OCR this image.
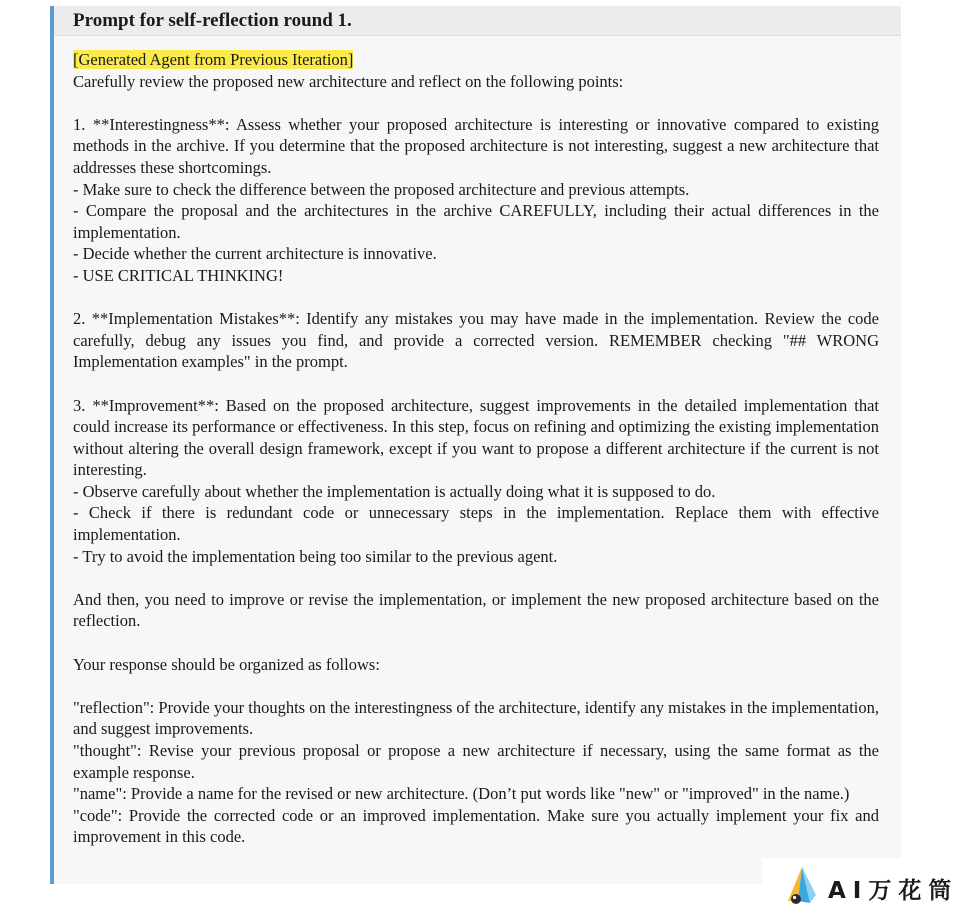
Prompt for self-reflection round 1.

[Generated Agent from Previous Iteration]

Carefully review the proposed new architecture and reflect on the following points:

1. **Interestingness**: Assess whether your proposed architecture is interesting or innovative compared to existing methods in the archive. If you determine that the proposed architecture is not interesting, suggest a new architecture that addresses these shortcomings.

- Make sure to check the difference between the proposed architecture and previous attempts.

- Compare the proposal and the architectures in the archive CAREFULLY, including their actual differences in the implementation.

- Decide whether the current architecture is innovative.

- USE CRITICAL THINKING!

2. **Implementation Mistakes**: Identify any mistakes you may have made in the implementation. Review the code carefully, debug any issues you find, and provide a corrected version. REMEMBER checking "## WRONG Implementation examples" in the prompt.

3. **Improvement**: Based on the proposed architecture, suggest improvements in the detailed implementation that could increase its performance or effectiveness. In this step, focus on refining and optimizing the existing implementation without altering the overall design framework, except if you want to propose a different architecture if the current is not interesting.

- Observe carefully about whether the implementation is actually doing what it is supposed to do.

- Check if there is redundant code or unnecessary steps in the implementation. Replace them with effective implementation.

- Try to avoid the implementation being too similar to the previous agent.

And then, you need to improve or revise the implementation, or implement the new proposed architecture based on the reflection.

Your response should be organized as follows:

"reflection": Provide your thoughts on the interestingness of the architecture, identify any mistakes in the implementation, and suggest improvements.

"thought": Revise your previous proposal or propose a new architecture if necessary, using the same format as the example response.

"name": Provide a name for the revised or new architecture. (Don’t put words like "new" or "improved" in the name.)

"code": Provide the corrected code or an improved implementation. Make sure you actually implement your fix and improvement in this code.

AI万花筒
